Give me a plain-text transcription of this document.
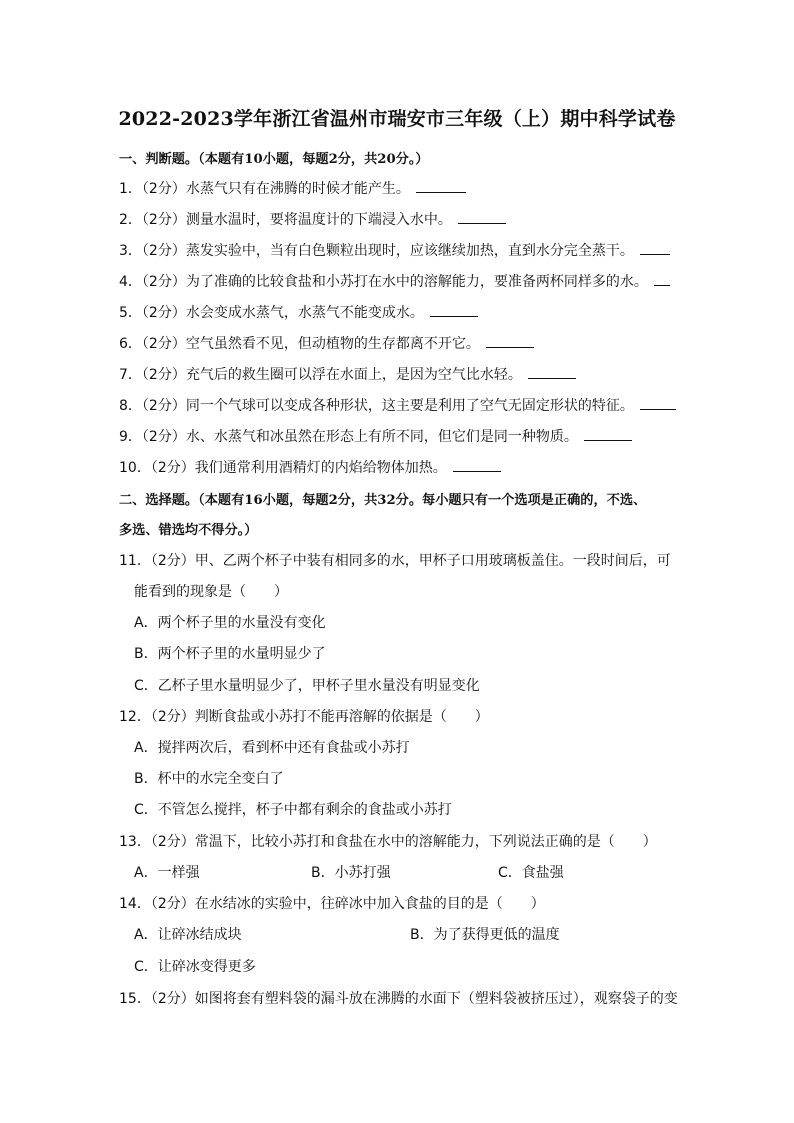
2022-2023学年浙江省温州市瑞安市三年级（上）期中科学试卷
一、判断题。（本题有10小题，每题2分，共20分。）
1．（2分）水蒸气只有在沸腾的时候才能产生。
2．（2分）测量水温时，要将温度计的下端浸入水中。
3．（2分）蒸发实验中，当有白色颗粒出现时，应该继续加热，直到水分完全蒸干。
4．（2分）为了准确的比较食盐和小苏打在水中的溶解能力，要准备两杯同样多的水。
5．（2分）水会变成水蒸气，水蒸气不能变成水。
6．（2分）空气虽然看不见，但动植物的生存都离不开它。
7．（2分）充气后的救生圈可以浮在水面上，是因为空气比水轻。
8．（2分）同一个气球可以变成各种形状，这主要是利用了空气无固定形状的特征。
9．（2分）水、水蒸气和冰虽然在形态上有所不同，但它们是同一种物质。
10．（2分）我们通常利用酒精灯的内焰给物体加热。
二、选择题。（本题有16小题，每题2分，共32分。每小题只有一个选项是正确的，不选、
多选、错选均不得分。）
11．（2分）甲、乙两个杯子中装有相同多的水，甲杯子口用玻璃板盖住。一段时间后，可
能看到的现象是（　　）
A．两个杯子里的水量没有变化
B．两个杯子里的水量明显少了
C．乙杯子里水量明显少了，甲杯子里水量没有明显变化
12．（2分）判断食盐或小苏打不能再溶解的依据是（　　）
A．搅拌两次后，看到杯中还有食盐或小苏打
B．杯中的水完全变白了
C．不管怎么搅拌，杯子中都有剩余的食盐或小苏打
13．（2分）常温下，比较小苏打和食盐在水中的溶解能力，下列说法正确的是（　　）
A．一样强	B．小苏打强	C．食盐强
14．（2分）在水结冰的实验中，往碎冰中加入食盐的目的是（　　）
A．让碎冰结成块	B．为了获得更低的温度
C．让碎冰变得更多
15．（2分）如图将套有塑料袋的漏斗放在沸腾的水面下（塑料袋被挤压过），观察袋子的变
